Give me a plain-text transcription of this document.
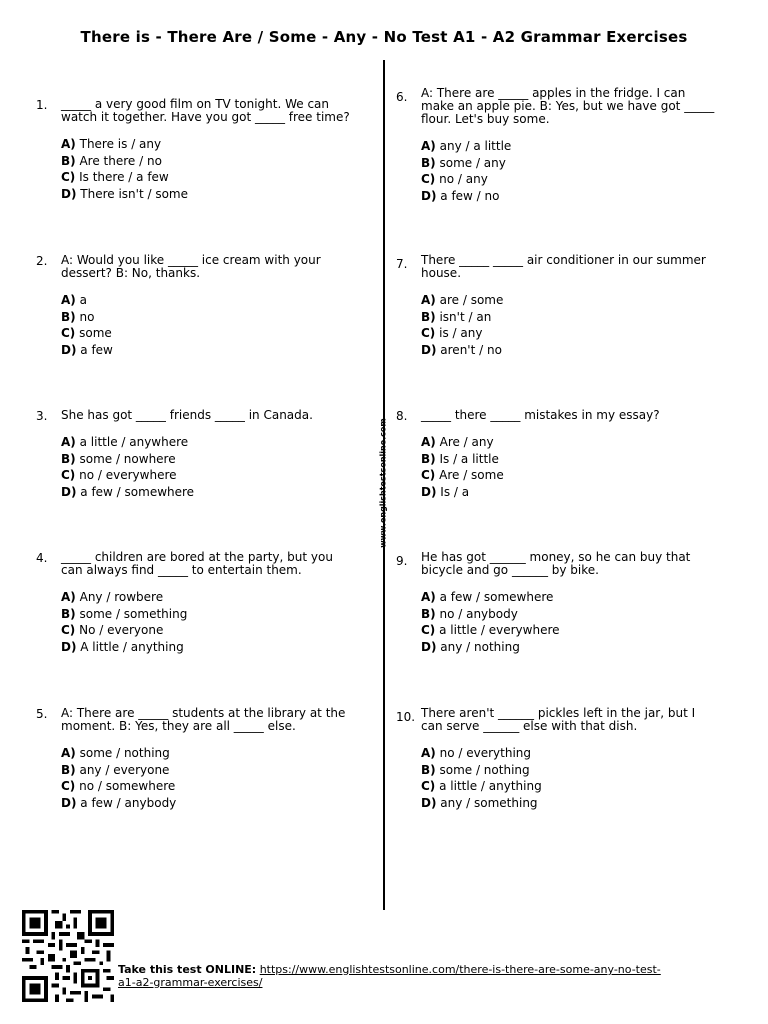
There is - There Are / Some - Any - No Test A1 - A2 Grammar Exercises
www.englishtestsonline.com
1.	_____ a very good film on TV tonight. We can watch it together. Have you got _____ free time?
A) There is / any
B) Are there / no
C) Is there / a few
D) There isn't / some
2.	A: Would you like _____ ice cream with your dessert? B: No, thanks.
A) a
B) no
C) some
D) a few
3.	She has got _____ friends _____ in Canada.
A) a little / anywhere
B) some / nowhere
C) no / everywhere
D) a few / somewhere
4.	_____ children are bored at the party, but you can always find _____ to entertain them.
A) Any / rowbere
B) some / something
C) No / everyone
D) A little / anything
5.	A: There are _____ students at the library at the moment. B: Yes, they are all _____ else.
A) some / nothing
B) any / everyone
C) no / somewhere
D) a few / anybody
6.	A: There are _____ apples in the fridge. I can make an apple pie. B: Yes, but we have got _____ flour. Let's buy some.
A) any / a little
B) some / any
C) no / any
D) a few / no
7.	There _____ _____ air conditioner in our summer house.
A) are / some
B) isn't / an
C) is / any
D) aren't / no
8.	_____ there _____ mistakes in my essay?
A) Are / any
B) Is / a little
C) Are / some
D) Is / a
9.	He has got ______ money, so he can buy that bicycle and go ______ by bike.
A) a few / somewhere
B) no / anybody
C) a little / everywhere
D) any / nothing
10. There aren't ______ pickles left in the jar, but I can serve ______ else with that dish.
A) no / everything
B) some / nothing
C) a little / anything
D) any / something
Take this test ONLINE: https://www.englishtestsonline.com/there-is-there-are-some-any-no-test-a1-a2-grammar-exercises/
